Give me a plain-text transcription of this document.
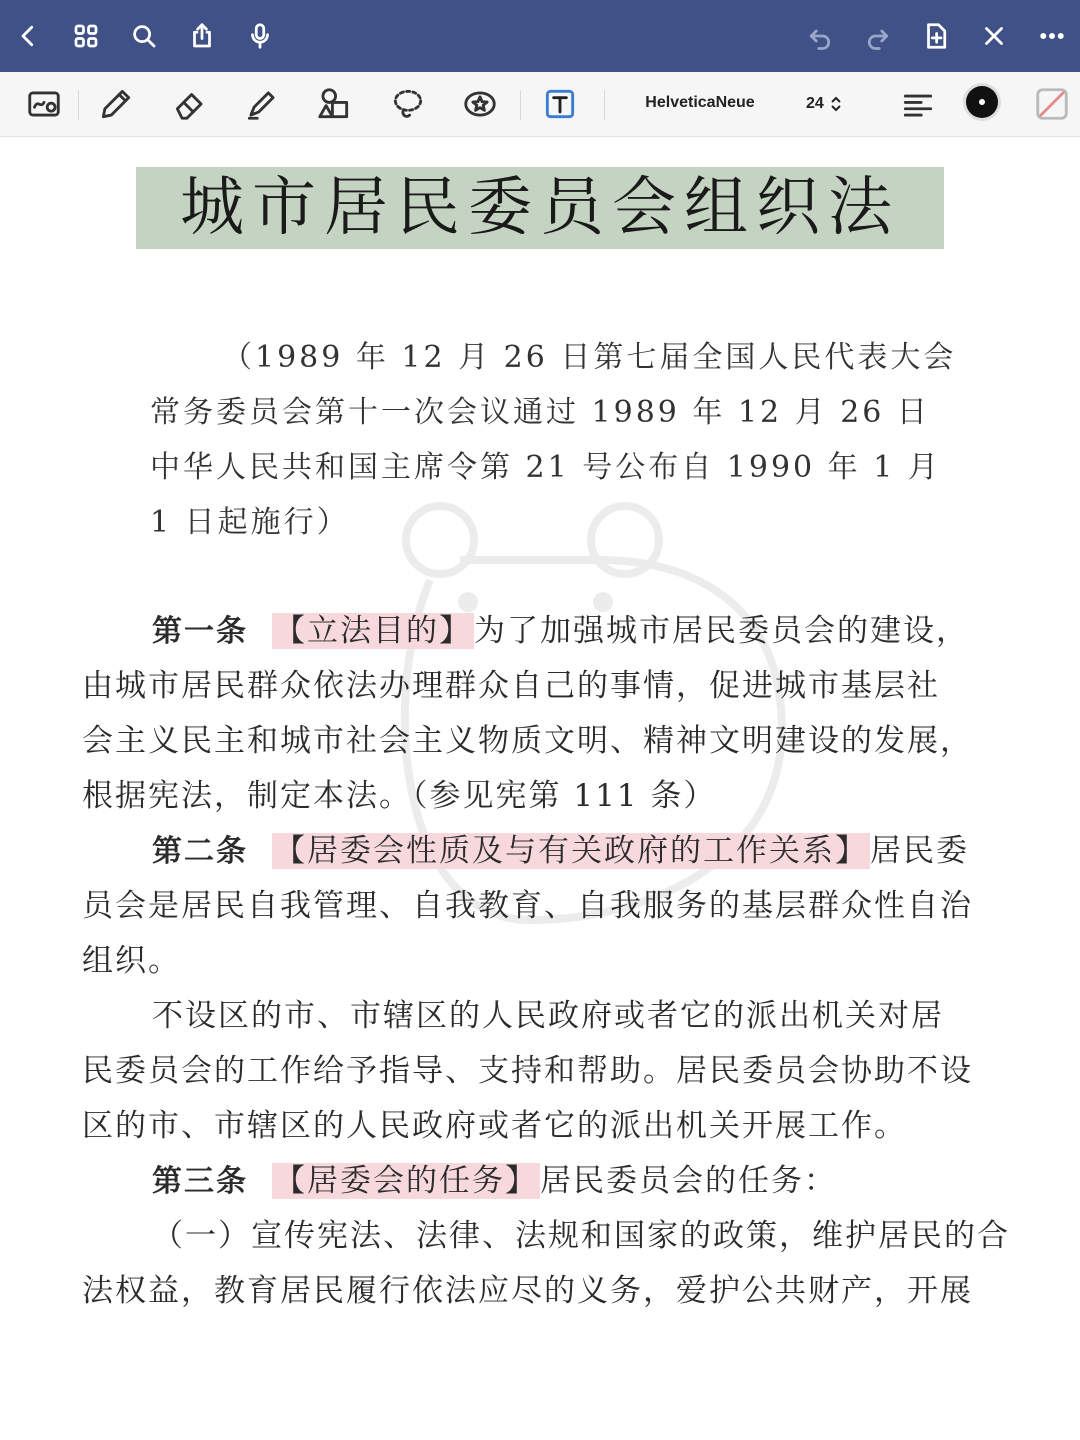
HelveticaNeue	24
城市居民委员会组织法

（1989 年 12 月 26 日第七届全国人民代表大会

常务委员会第十一次会议通过 1989 年 12 月 26 日

中华人民共和国主席令第 21 号公布自 1990 年 1 月

1 日起施行）

第一条 【立法目的】为了加强城市居民委员会的建设，

由城市居民群众依法办理群众自己的事情，促进城市基层社

会主义民主和城市社会主义物质文明、精神文明建设的发展，

根据宪法，制定本法。（参见宪第 111 条）

第二条 【居委会性质及与有关政府的工作关系】居民委

员会是居民自我管理、自我教育、自我服务的基层群众性自治

组织。

不设区的市、市辖区的人民政府或者它的派出机关对居

民委员会的工作给予指导、支持和帮助。居民委员会协助不设

区的市、市辖区的人民政府或者它的派出机关开展工作。

第三条 【居委会的任务】居民委员会的任务：

（一）宣传宪法、法律、法规和国家的政策，维护居民的合

法权益，教育居民履行依法应尽的义务，爱护公共财产，开展
